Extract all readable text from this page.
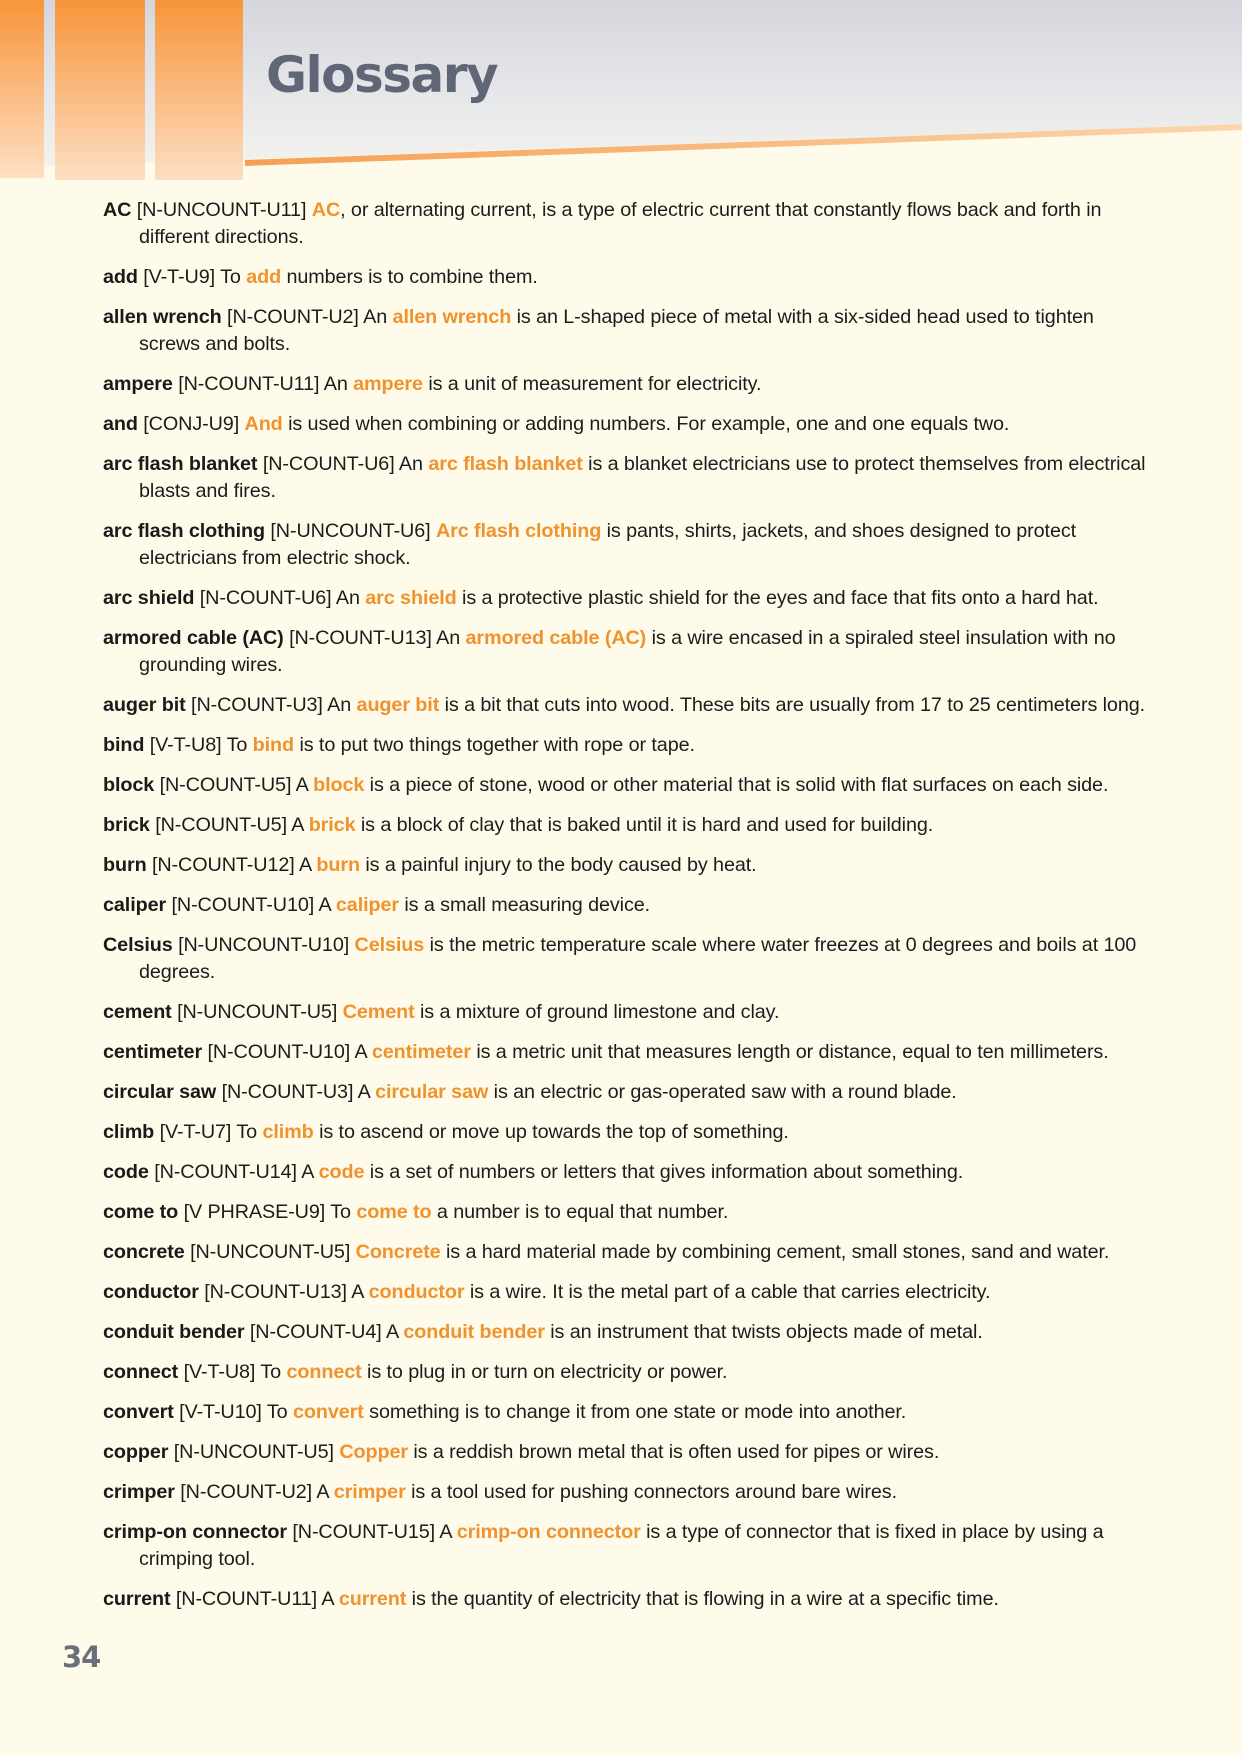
Glossary
AC [N-UNCOUNT-U11] AC, or alternating current, is a type of electric current that constantly flows back and forth in different directions.
add [V-T-U9] To add numbers is to combine them.
allen wrench [N-COUNT-U2] An allen wrench is an L-shaped piece of metal with a six-sided head used to tighten screws and bolts.
ampere [N-COUNT-U11] An ampere is a unit of measurement for electricity.
and [CONJ-U9] And is used when combining or adding numbers. For example, one and one equals two.
arc flash blanket [N-COUNT-U6] An arc flash blanket is a blanket electricians use to protect themselves from electrical blasts and fires.
arc flash clothing [N-UNCOUNT-U6] Arc flash clothing is pants, shirts, jackets, and shoes designed to protect electricians from electric shock.
arc shield [N-COUNT-U6] An arc shield is a protective plastic shield for the eyes and face that fits onto a hard hat.
armored cable (AC) [N-COUNT-U13] An armored cable (AC) is a wire encased in a spiraled steel insulation with no grounding wires.
auger bit [N-COUNT-U3] An auger bit is a bit that cuts into wood. These bits are usually from 17 to 25 centimeters long.
bind [V-T-U8] To bind is to put two things together with rope or tape.
block [N-COUNT-U5] A block is a piece of stone, wood or other material that is solid with flat surfaces on each side.
brick [N-COUNT-U5] A brick is a block of clay that is baked until it is hard and used for building.
burn [N-COUNT-U12] A burn is a painful injury to the body caused by heat.
caliper [N-COUNT-U10] A caliper is a small measuring device.
Celsius [N-UNCOUNT-U10] Celsius is the metric temperature scale where water freezes at 0 degrees and boils at 100 degrees.
cement [N-UNCOUNT-U5] Cement is a mixture of ground limestone and clay.
centimeter [N-COUNT-U10] A centimeter is a metric unit that measures length or distance, equal to ten millimeters.
circular saw [N-COUNT-U3] A circular saw is an electric or gas-operated saw with a round blade.
climb [V-T-U7] To climb is to ascend or move up towards the top of something.
code [N-COUNT-U14] A code is a set of numbers or letters that gives information about something.
come to [V PHRASE-U9] To come to a number is to equal that number.
concrete [N-UNCOUNT-U5] Concrete is a hard material made by combining cement, small stones, sand and water.
conductor [N-COUNT-U13] A conductor is a wire. It is the metal part of a cable that carries electricity.
conduit bender [N-COUNT-U4] A conduit bender is an instrument that twists objects made of metal.
connect [V-T-U8] To connect is to plug in or turn on electricity or power.
convert [V-T-U10] To convert something is to change it from one state or mode into another.
copper [N-UNCOUNT-U5] Copper is a reddish brown metal that is often used for pipes or wires.
crimper [N-COUNT-U2] A crimper is a tool used for pushing connectors around bare wires.
crimp-on connector [N-COUNT-U15] A crimp-on connector is a type of connector that is fixed in place by using a crimping tool.
current [N-COUNT-U11] A current is the quantity of electricity that is flowing in a wire at a specific time.
34
